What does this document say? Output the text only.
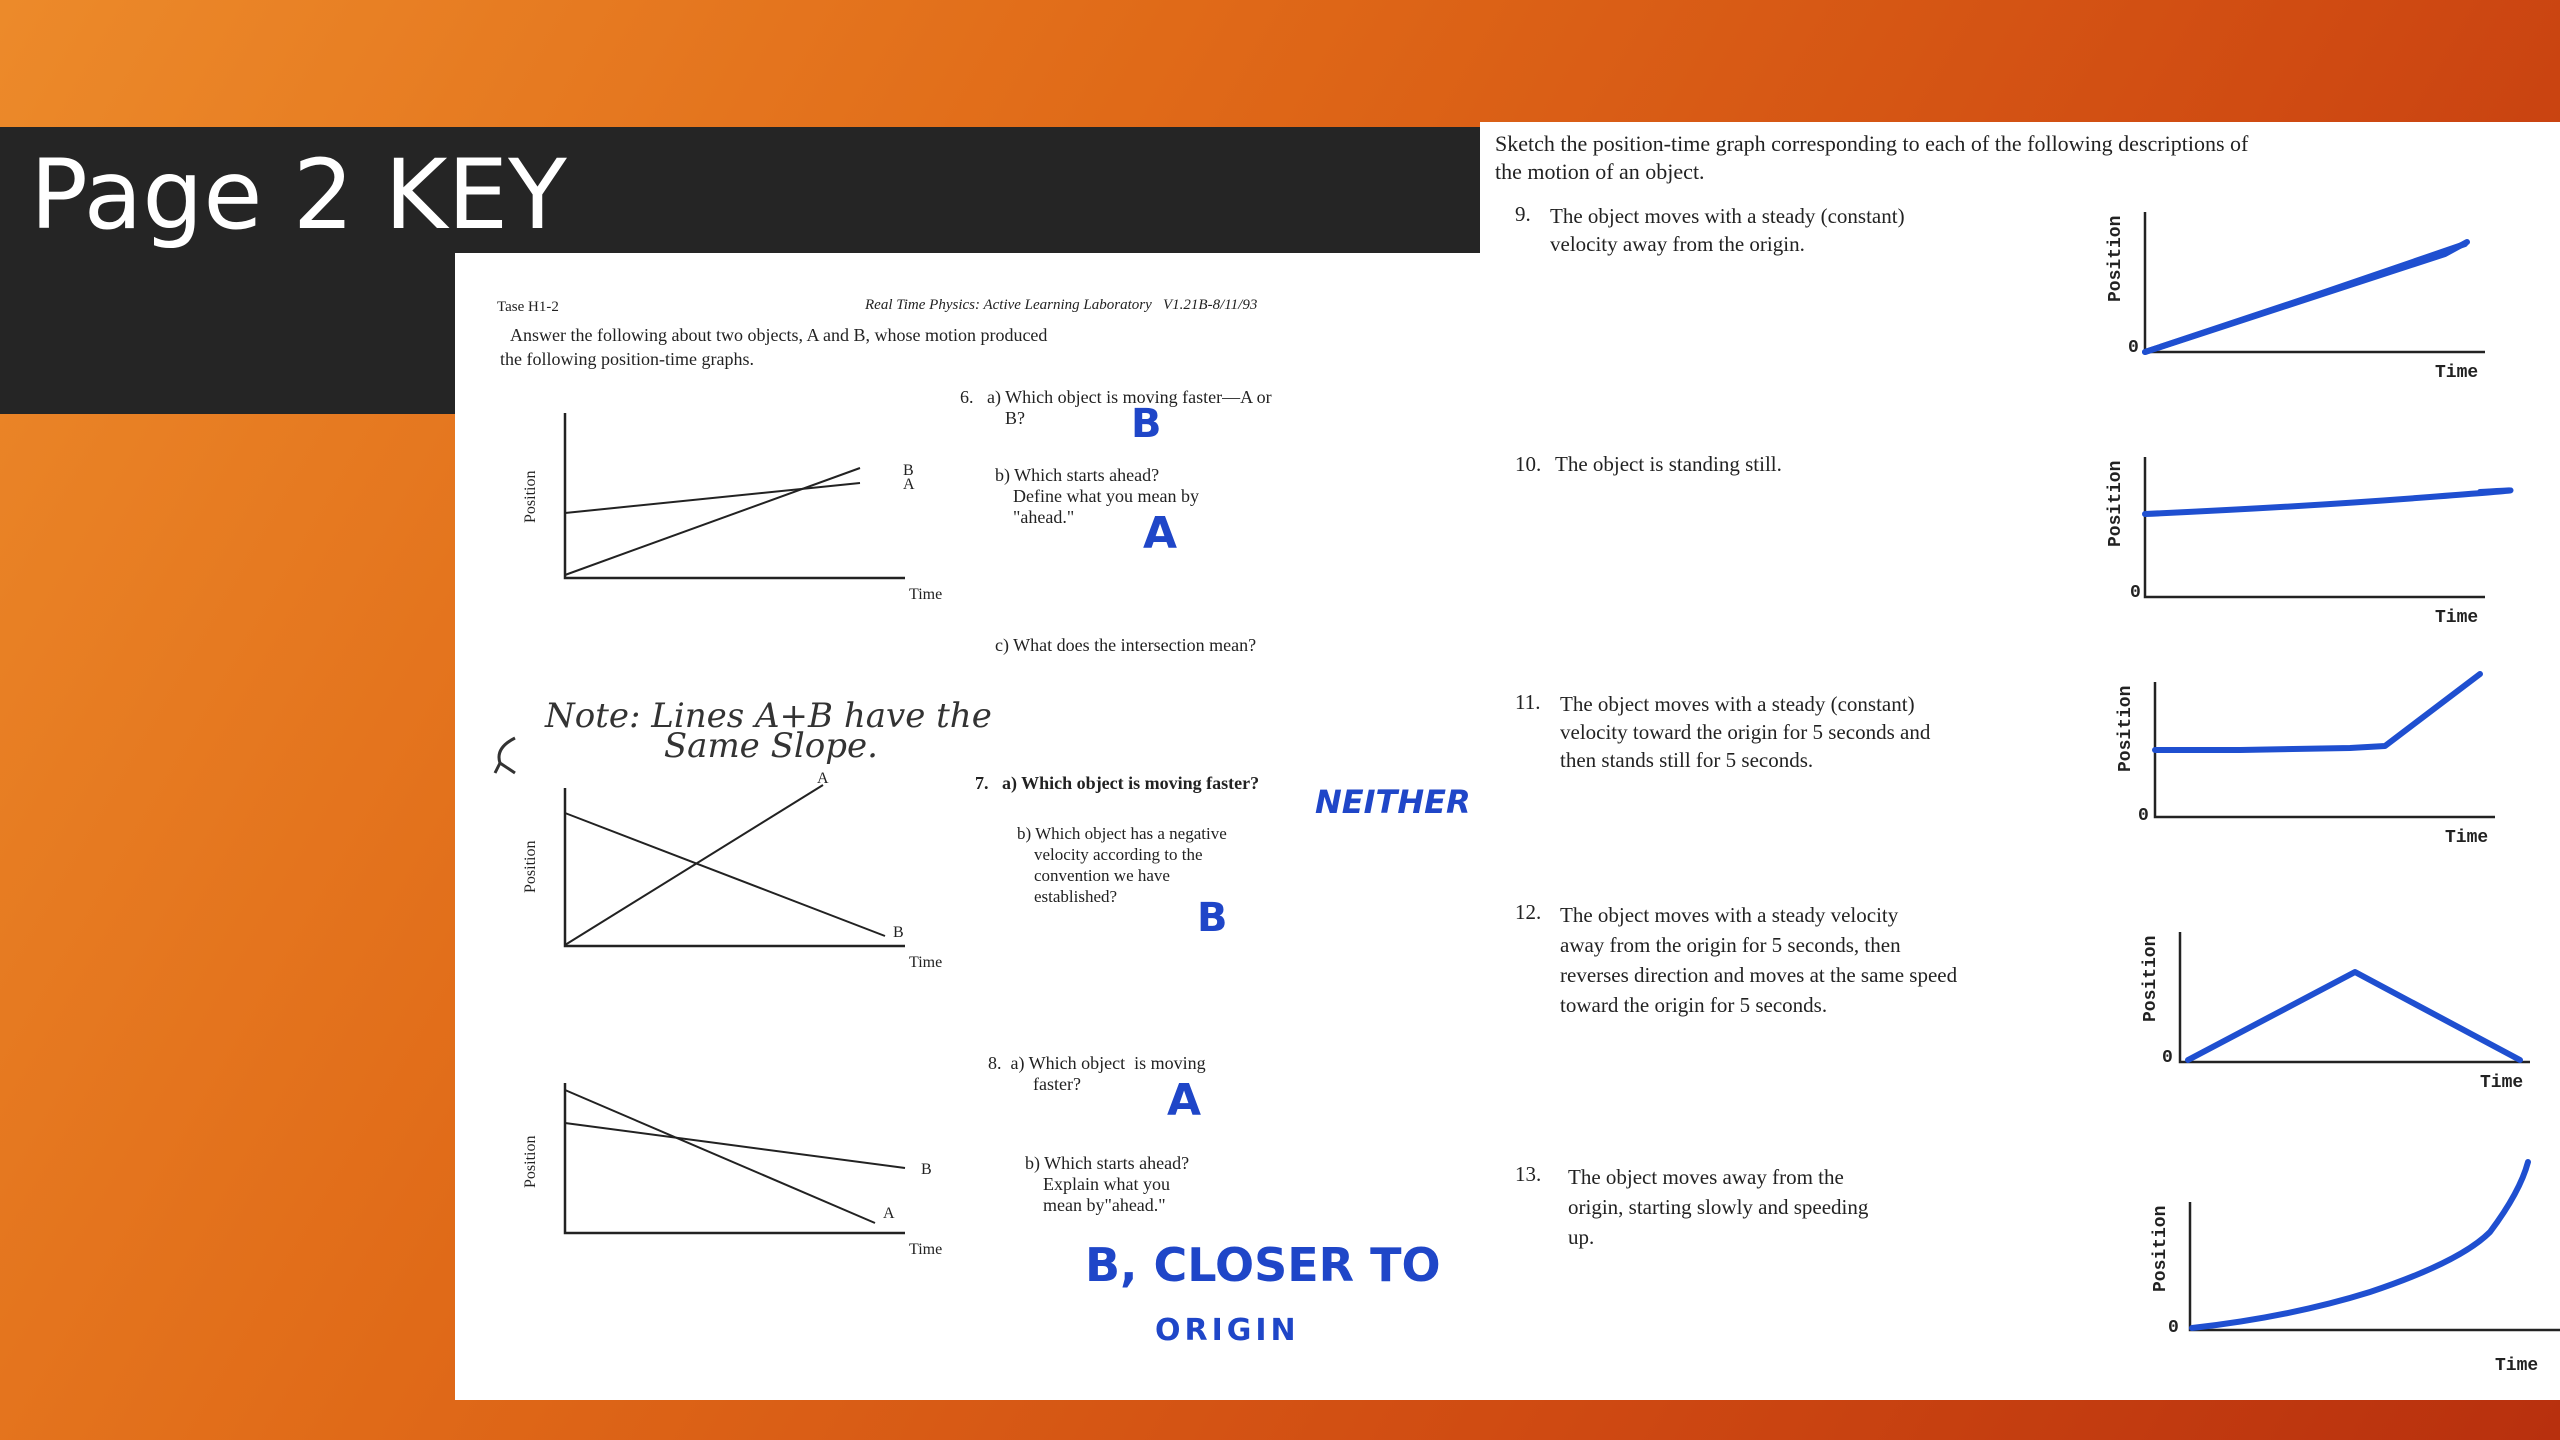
Page 2 KEY
Tase H1-2	Real Time Physics: Active Learning Laboratory   V1.21B-8/11/93
Answer the following about two objects, A and B, whose motion produced
the following position-time graphs.
Position
Time
B
A
6.   a) Which object is moving faster—A or
B?	B
b) Which starts ahead?
Define what you mean by
"ahead."	A
c) What does the intersection mean?
Note: Lines A+B have the
Same Slope.
Position
Time
A
B
7.   a) Which object is moving faster? NEITHER
b) Which object has a negative
velocity according to the
convention we have
established?	B
Position
Time
A
B
8.  a) Which object  is moving
faster?	A
b) Which starts ahead?
Explain what you
mean by"ahead."
B, CLOSER TO
ORIGIN
Sketch the position-time graph corresponding to each of the following descriptions of
the motion of an object.
9. The object moves with a steady (constant)
velocity away from the origin.	Position
0
Time
10. The object is standing still.	Position
0
Time
11. The object moves with a steady (constant)
velocity toward the origin for 5 seconds and
then stands still for 5 seconds.	Position
0
Time
12. The object moves with a steady velocity
away from the origin for 5 seconds, then
reverses direction and moves at the same speed
toward the origin for 5 seconds.	Position
0
Time
13. The object moves away from the
origin, starting slowly and speeding
up.	Position
0
Time
